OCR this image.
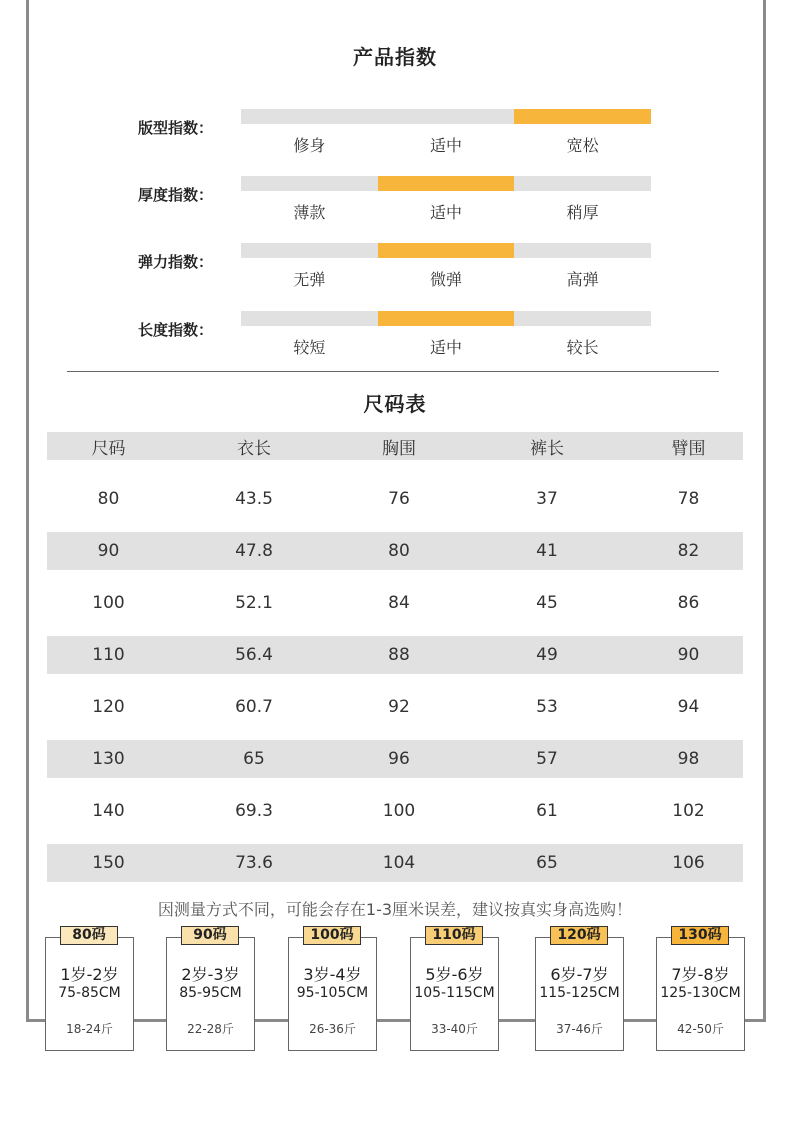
产品指数
版型指数：
修身	适中	宽松
厚度指数：
薄款	适中	稍厚
弹力指数：
无弹	微弹	高弹
长度指数：
较短	适中	较长
尺码表
尺码	衣长	胸围	裤长	臂围
80	43.5	76	37	78
90	47.8	80	41	82
100	52.1	84	45	86
110	56.4	88	49	90
120	60.7	92	53	94
130	65	96	57	98
140	69.3	100	61	102
150	73.6	104	65	106
因测量方式不同，可能会存在1-3厘米误差，建议按真实身高选购！
1岁-2岁
75-85CM
18-24斤
80码
2岁-3岁
85-95CM
22-28斤
90码
3岁-4岁
95-105CM
26-36斤
100码
5岁-6岁
105-115CM
33-40斤
110码
6岁-7岁
115-125CM
37-46斤
120码
7岁-8岁
125-130CM
42-50斤
130码
